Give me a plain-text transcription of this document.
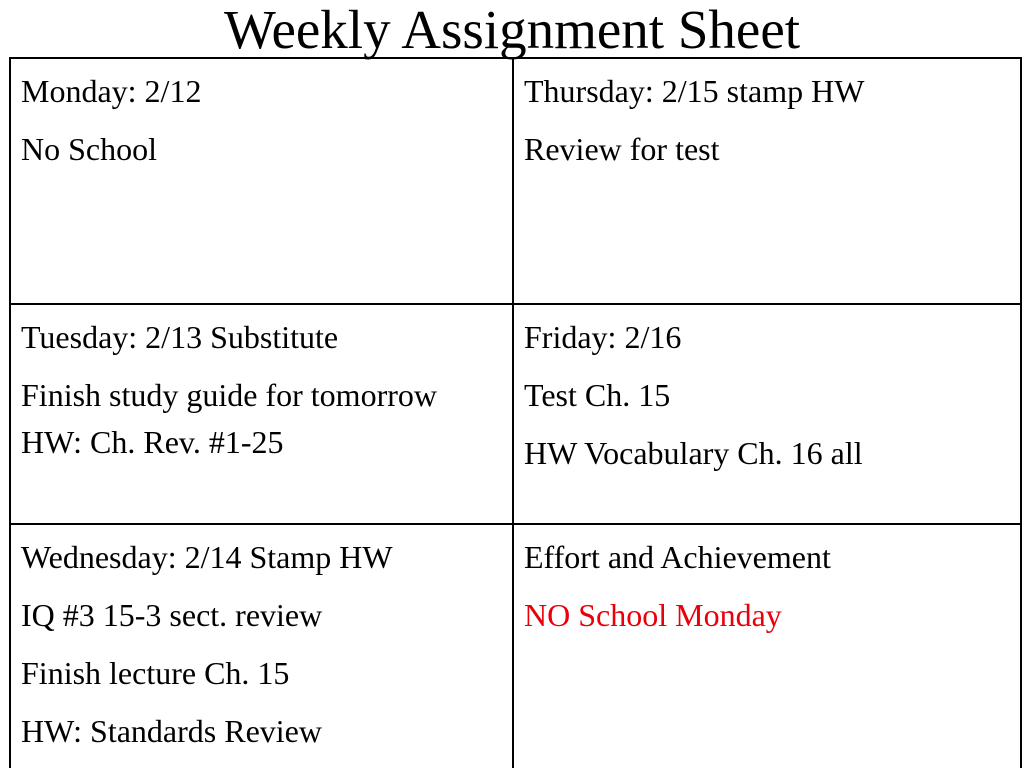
Weekly Assignment Sheet

Monday: 2/12

No School

Thursday: 2/15 stamp HW

Review for test

Tuesday: 2/13 Substitute

Finish study guide for tomorrow

HW: Ch. Rev. #1-25

Friday: 2/16

Test Ch. 15

HW Vocabulary Ch. 16 all

Wednesday: 2/14 Stamp HW

IQ #3 15-3 sect. review

Finish lecture Ch. 15

HW: Standards Review

Effort and Achievement

NO School Monday
